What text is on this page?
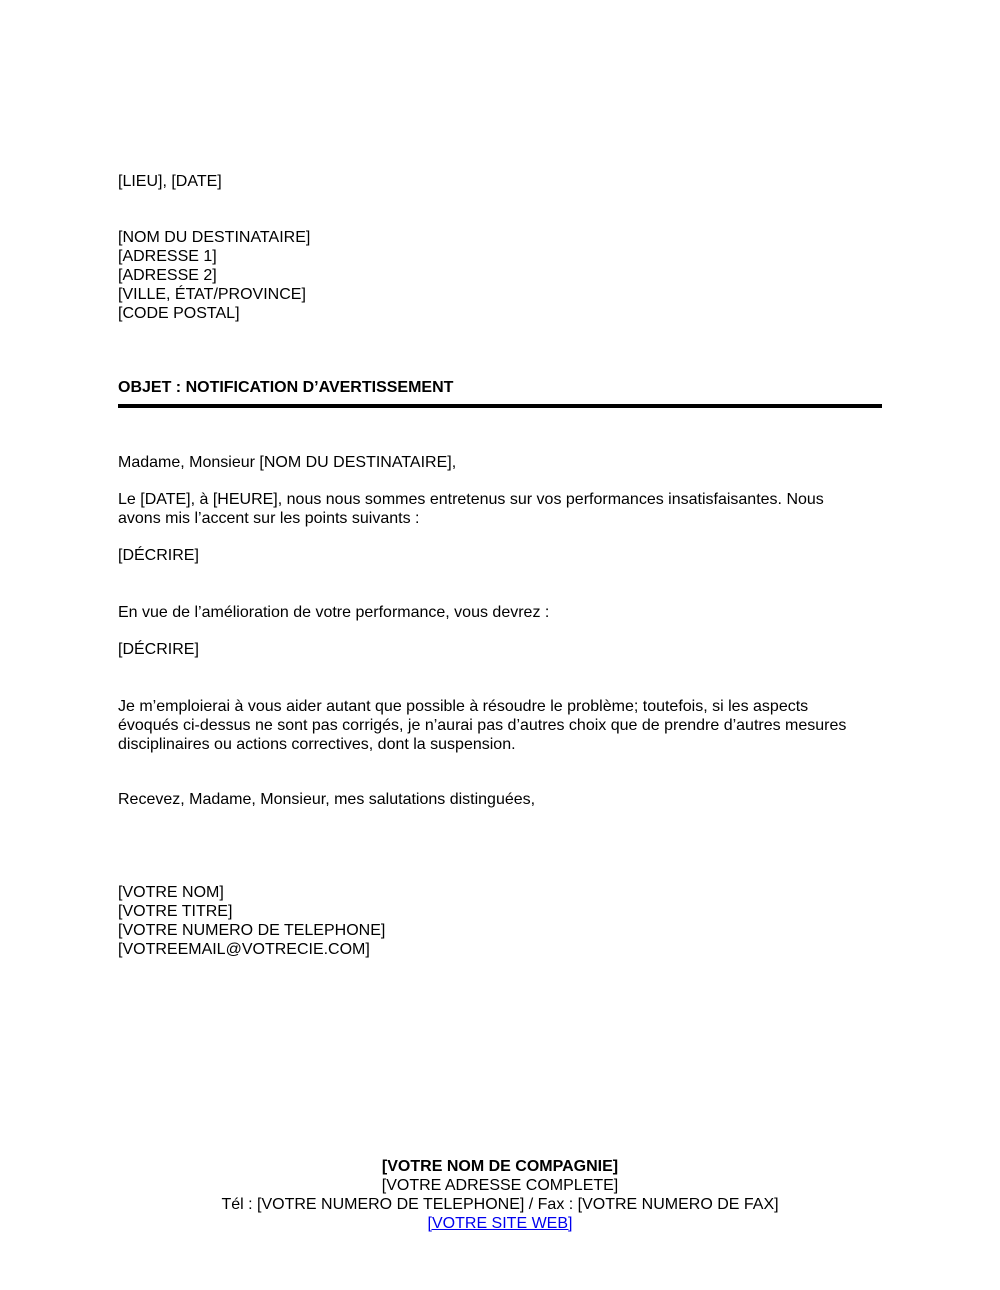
[LIEU], [DATE]
[NOM DU DESTINATAIRE]
[ADRESSE 1]
[ADRESSE 2]
[VILLE, ÉTAT/PROVINCE]
[CODE POSTAL]
OBJET : NOTIFICATION D’AVERTISSEMENT
Madame, Monsieur [NOM DU DESTINATAIRE],
Le [DATE], à [HEURE], nous nous sommes entretenus sur vos performances insatisfaisantes. Nous
avons mis l’accent sur les points suivants :
[DÉCRIRE]
En vue de l’amélioration de votre performance, vous devrez :
[DÉCRIRE]
Je m’emploierai à vous aider autant que possible à résoudre le problème; toutefois, si les aspects
évoqués ci-dessus ne sont pas corrigés, je n’aurai pas d’autres choix que de prendre d’autres mesures
disciplinaires ou actions correctives, dont la suspension.
Recevez, Madame, Monsieur, mes salutations distinguées,
[VOTRE NOM]
[VOTRE TITRE]
[VOTRE NUMERO DE TELEPHONE]
[VOTREEMAIL@VOTRECIE.COM]
[VOTRE NOM DE COMPAGNIE]
[VOTRE ADRESSE COMPLETE]
Tél : [VOTRE NUMERO DE TELEPHONE] / Fax : [VOTRE NUMERO DE FAX]
[VOTRE SITE WEB]
